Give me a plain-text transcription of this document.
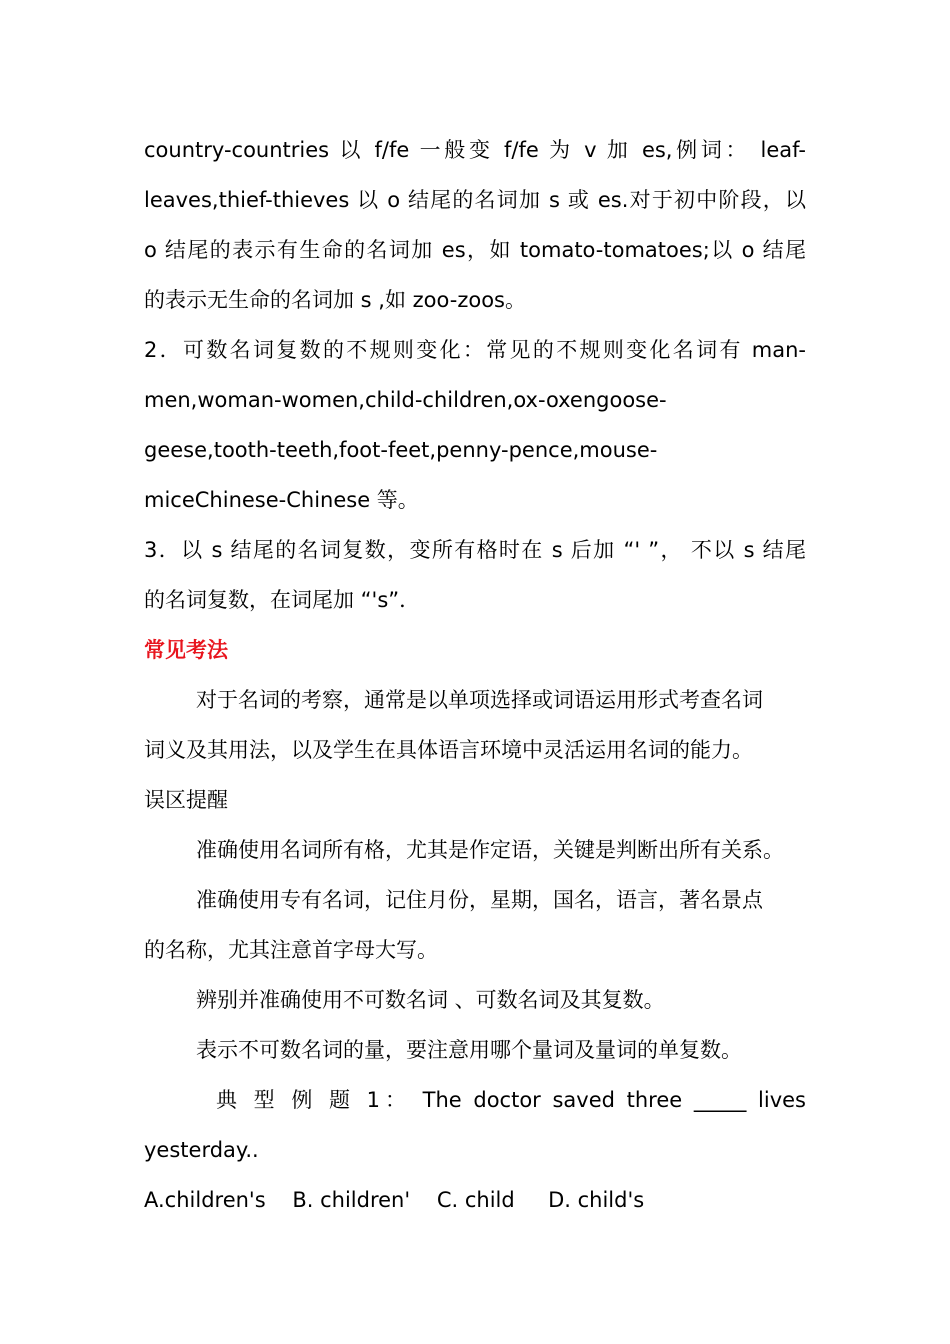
country-countries 以 f/fe 一般变 f/fe 为 v 加 es,例词： leaf-
leaves,thief-thieves 以 o 结尾的名词加 s 或 es.对于初中阶段，以
o 结尾的表示有生命的名词加 es，如 tomato-tomatoes;以 o 结尾
的表示无生命的名词加 s ,如 zoo-zoos。
2．可数名词复数的不规则变化：常见的不规则变化名词有 man-
men,woman-women,child-children,ox-oxengoose-
geese,tooth-teeth,foot-feet,penny-pence,mouse-
miceChinese-Chinese 等。
3．以 s 结尾的名词复数，变所有格时在 s 后加 “' ”， 不以 s 结尾
的名词复数，在词尾加 “'s”．
常见考法
对于名词的考察，通常是以单项选择或词语运用形式考查名词
词义及其用法，以及学生在具体语言环境中灵活运用名词的能力。
误区提醒
准确使用名词所有格，尤其是作定语，关键是判断出所有关系。
准确使用专有名词，记住月份，星期，国名，语言，著名景点
的名称，尤其注意首字母大写。
辨别并准确使用不可数名词 、可数名词及其复数。
表示不可数名词的量，要注意用哪个量词及量词的单复数。
典 型 例 题 1： The doctor saved three _____ lives
yesterday..
A.children's    B. children'    C. child     D. child's
